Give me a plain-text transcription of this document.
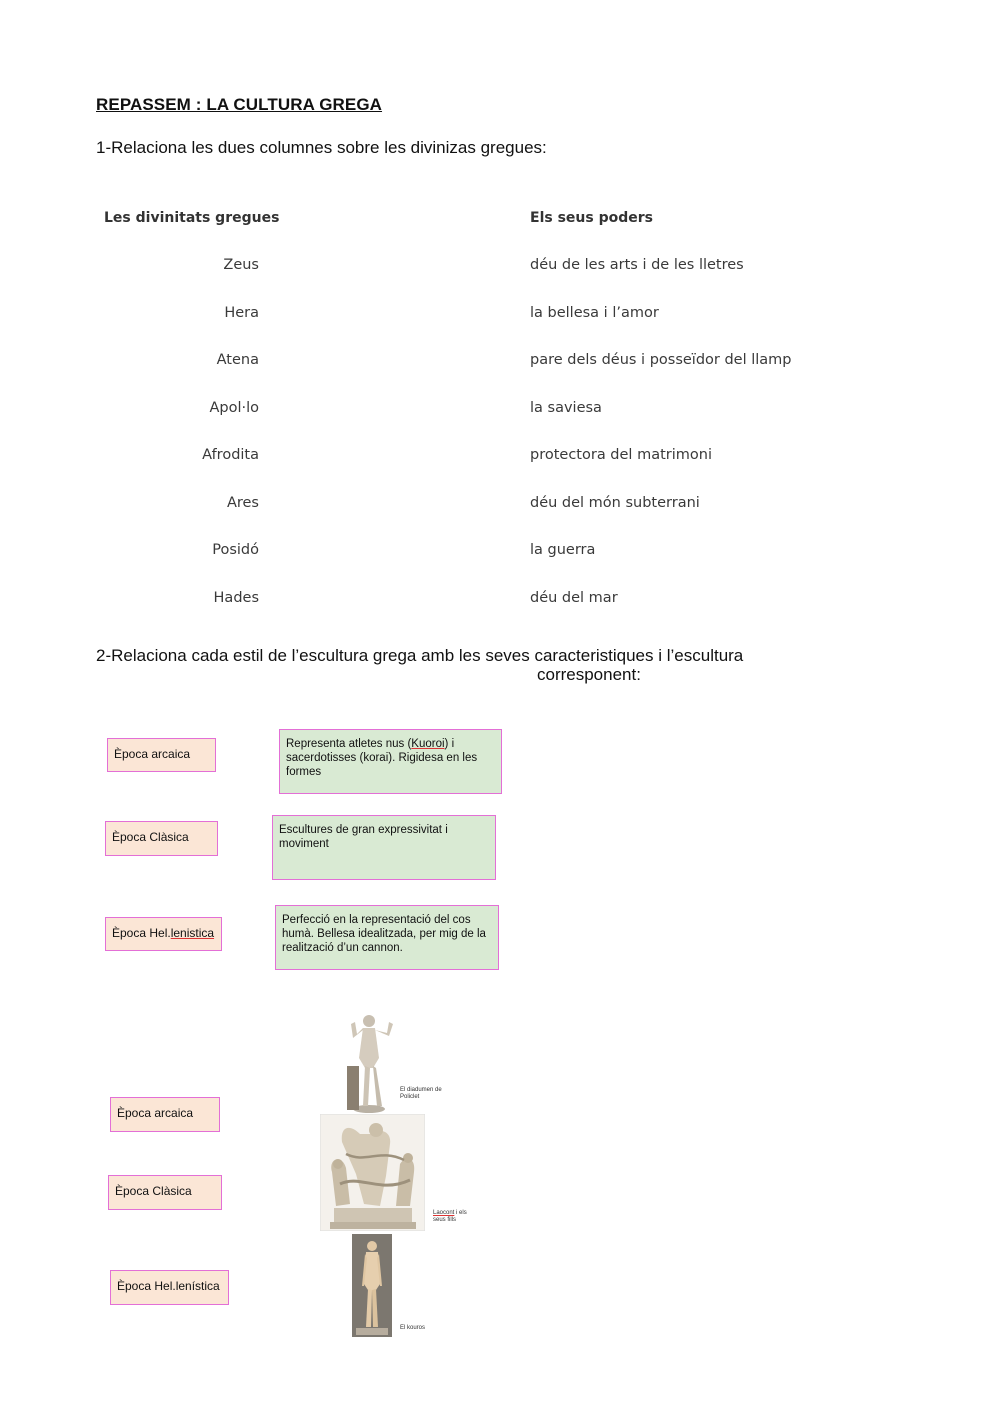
REPASSEM : LA CULTURA GREGA
1-Relaciona les dues columnes sobre les divinizas gregues:
Les divinitats gregues	Els seus poders
Zeus
Hera
Atena
Apol·lo
Afrodita
Ares
Posidó
Hades
déu de les arts i de les lletres
la bellesa i l’amor
pare dels déus i posseïdor del llamp
la saviesa
protectora del matrimoni
déu del món subterrani
la guerra
déu del mar
2-Relaciona cada estil de l’escultura grega amb les seves caracteristiques i l’escultura
corresponent:
Època arcaica
Època Clàsica
Època Hel.lenistica
Representa atletes nus (Kuoroi) i sacerdotisses (korai). Rigidesa en les formes
Escultures de gran expressivitat i moviment
Perfecció en la representació del cos humà. Bellesa idealitzada, per mig de la realització d’un cannon.
Època arcaica
Època Clàsica
Època Hel.lenística
El diadumen de
Policlet
Laocont i els
seus fills
El kouros
